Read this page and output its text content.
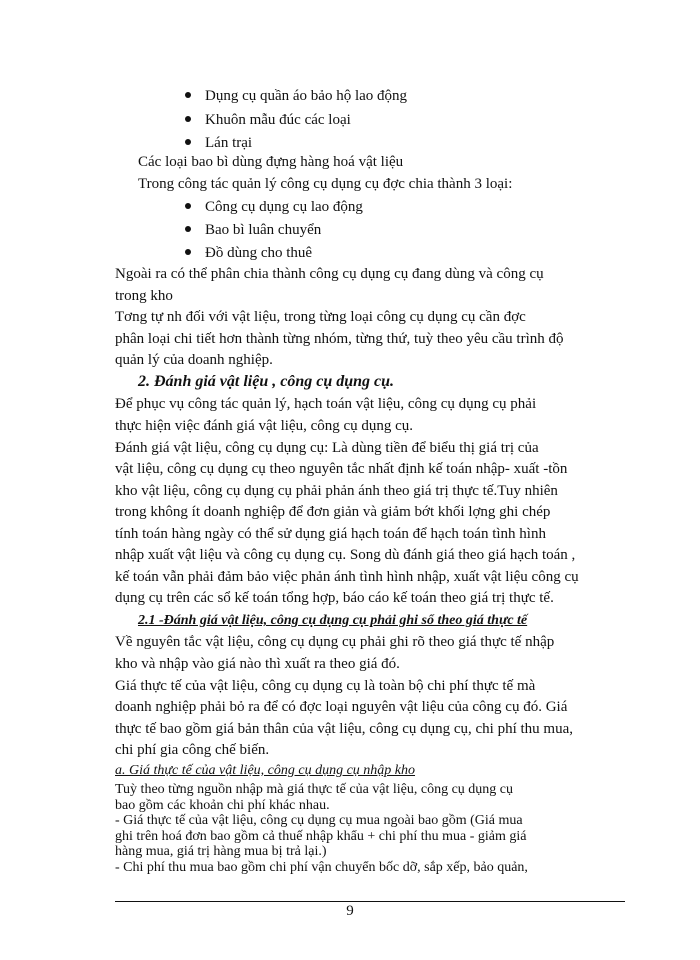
Dụng cụ quần áo bảo hộ lao động
Khuôn mẫu đúc các loại
Lán trại
Các loại bao bì dùng đựng hàng hoá vật liệu
Trong công tác quản lý công cụ dụng cụ đợc chia thành 3 loại:
Công cụ dụng cụ lao động
Bao bì luân chuyển
Đồ dùng cho thuê
Ngoài ra có thể phân chia thành công cụ dụng cụ đang dùng và công cụ
trong kho
Tơng tự nh đối với vật liệu, trong từng loại công cụ dụng cụ cần đợc
phân loại chi tiết hơn thành từng nhóm, từng thứ, tuỳ theo yêu cầu trình độ
quản lý của doanh nghiệp.
2. Đánh giá vật liệu , công cụ dụng cụ.
Để phục vụ công tác quản lý, hạch toán vật liệu, công cụ dụng cụ phải
thực hiện việc đánh giá vật liệu, công cụ dụng cụ.
Đánh giá vật liệu, công cụ dụng cụ: Là dùng tiền để biểu thị giá trị của
vật liệu, công cụ dụng cụ theo nguyên tắc nhất định kế toán nhập- xuất -tồn
kho vật liệu, công cụ dụng cụ phải phản ánh theo giá trị thực tế.Tuy nhiên
trong không ít doanh nghiệp để đơn giản và giảm bớt khối lợng ghi chép
tính toán hàng ngày có thể sử dụng giá hạch toán để hạch toán tình hình
nhập xuất vật liệu và công cụ dụng cụ. Song dù đánh giá theo giá hạch toán ,
kế toán vẫn phải đảm bảo việc phản ánh tình hình nhập, xuất vật liệu công cụ
dụng cụ trên các sổ kế toán tổng hợp, báo cáo kế toán theo giá trị thực tế.
2.1 -Đánh giá vật liệu, công cụ dụng cụ phải ghi sổ theo giá thực tế
Về nguyên tắc vật liệu, công cụ dụng cụ phải ghi rõ theo giá thực tế nhập
kho và nhập vào giá nào thì xuất ra theo giá đó.
Giá thực tế của vật liệu, công cụ dụng cụ là toàn bộ chi phí thực tế mà
doanh nghiệp phải bỏ ra để có đợc loại nguyên vật liệu của công cụ đó. Giá
thực tế bao gồm giá bản thân của vật liệu, công cụ dụng cụ, chi phí thu mua,
chi phí gia công chế biến.
a. Giá thực tế của vật liệu, công cụ dụng cụ nhập kho
Tuỳ theo từng nguồn nhập mà giá thực tế của vật liệu, công cụ dụng cụ
bao gồm các khoản chi phí khác nhau.
- Giá thực tế của vật liệu, công cụ dụng cụ mua ngoài bao gồm (Giá mua
ghi trên hoá đơn bao gồm cả thuế nhập khẩu + chi phí thu mua - giảm giá
hàng mua, giá trị hàng mua bị trả lại.)
- Chi phí thu mua bao gồm chi phí vận chuyển bốc dỡ, sắp xếp, bảo quản,
9
